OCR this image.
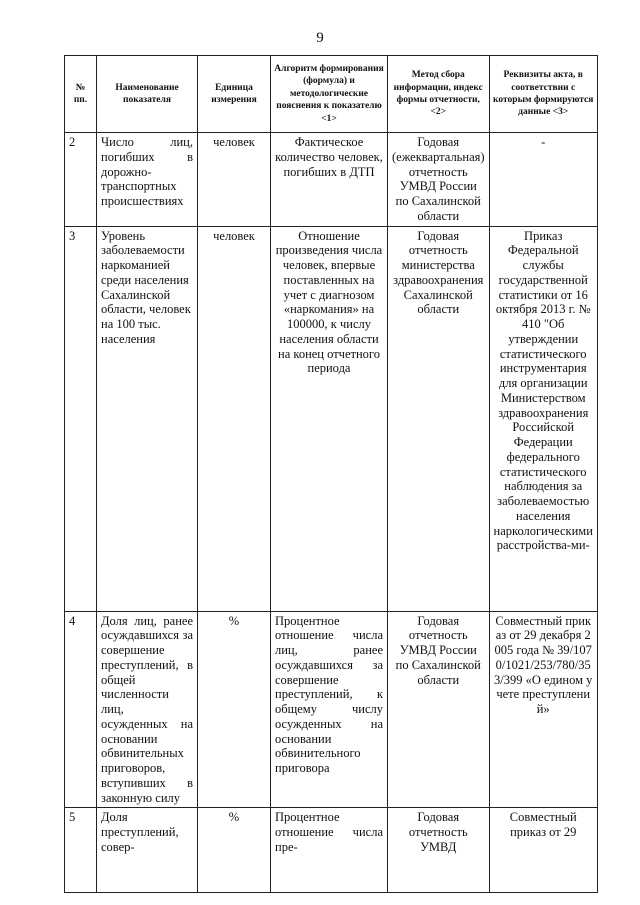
9
№ пп.	Наименование показателя	Единица измерения	Алгоритм формирования (формула) и методологические пояснения к показателю <1>	Метод сбора информации, индекс формы отчетности, <2>	Реквизиты акта, в соответствии с которым формируются данные <3>
2	Число лиц, погибших в дорожно-транспортных происшествиях	человек	Фактическое количество человек, погибших в ДТП	Годовая (ежеквартальная) отчетность УМВД России по Сахалинской области	-
3	Уровень заболеваемости наркоманией среди населения Сахалинской области, человек на 100 тыс. населения	человек	Отношение произведения числа человек, впервые поставленных на учет с диагнозом «наркомания» на 100000, к числу населения области на конец отчетного периода	Годовая отчетность министерства здравоохранения Сахалинской области	Приказ Федеральной службы государственной статистики от 16 октября 2013 г. № 410 "Об утверждении статистического инструментария для организации Министерством здравоохранения Российской Федерации федерального статистического наблюдения за заболеваемостью населения наркологическими расстройства-ми-
4	Доля лиц, ранее осуждавшихся за совершение преступлений, в общей численности лиц, осужденных на основании обвинительных приговоров, вступивших в законную силу	%	Процентное отношение числа лиц, ранее осуждавшихся за совершение преступлений, к общему числу осужденных на основании обвинительного приговора	Годовая отчетность УМВД России по Сахалинской области	Совместный приказ от 29 декабря 2005 года № 39/1070/1021/253/780/353/399 «О едином учете преступлений»
5	Доля преступлений, совер-	%	Процентное отношение числа пре-	Годовая отчетность УМВД	Совместный приказ от 29
